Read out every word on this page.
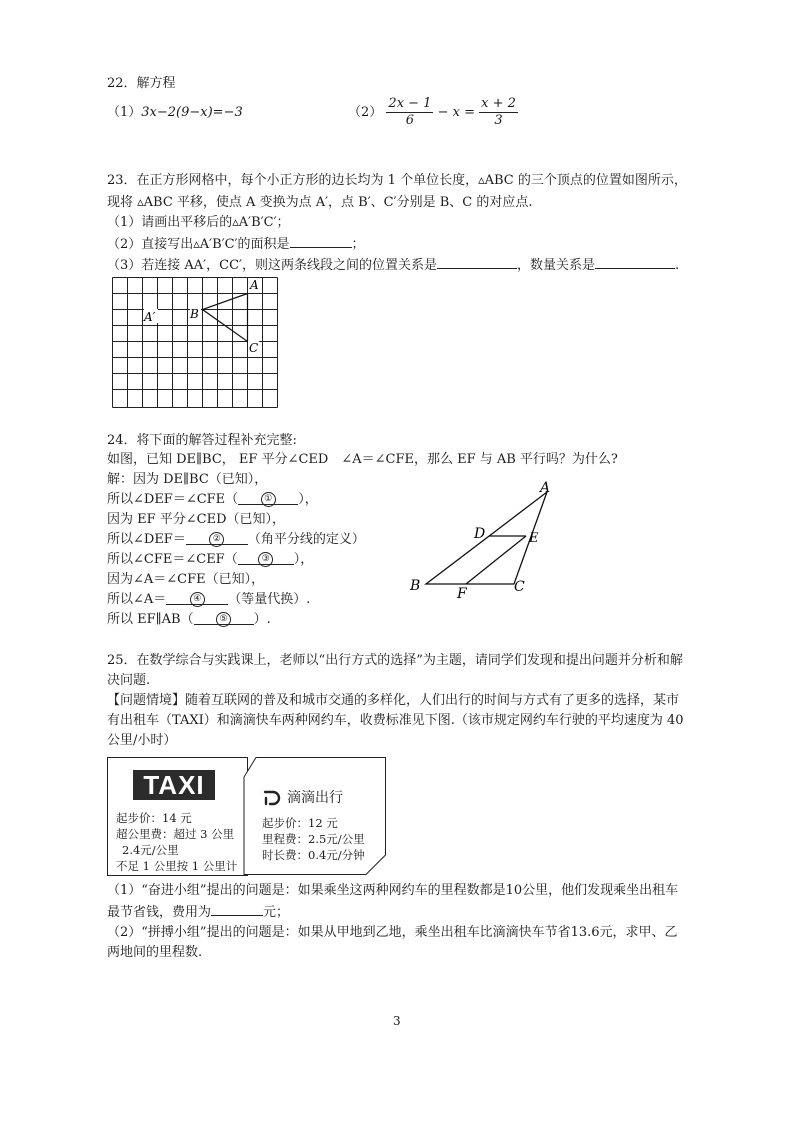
22．解方程
（1）3x−2(9−x)=−3	$(2) \frac{2x - 1}{6} - x = \frac{x + 2}{3}$
23．在正方形网格中，每个小正方形的边长均为 1 个单位长度，▵ABC 的三个顶点的位置如图所示，
现将 ▵ABC 平移，使点 A 变换为点 A′，点 B′、C′分别是 B、C 的对应点.
（1）请画出平移后的▵A′B′C′；
（2）直接写出▵A′B′C′的面积是	；
（3）若连接 AA′，CC′，则这两条线段之间的位置关系是	，数量关系是	.
A
B
C
A′
24．将下面的解答过程补充完整:
如图，已知 DE∥BC， EF 平分∠CED　∠A＝∠CFE，那么 EF 与 AB 平行吗？为什么?
解：因为 DE∥BC（已知），
所以∠DEF＝∠CFE（	① ），
因为 EF 平分∠CED（已知），
所以∠DEF＝	② （角平分线的定义）
所以∠CFE＝∠CEF（	③ ），
因为∠A＝∠CFE（已知），
所以∠A＝	④ （等量代换）.
所以 EF∥AB（	⑤ ）.
A
B	C
D	E
F
25．在数学综合与实践课上，老师以“出行方式的选择”为主题，请同学们发现和提出问题并分析和解
决问题.
【问题情境】随着互联网的普及和城市交通的多样化，人们出行的时间与方式有了更多的选择，某市
有出租车（TAXI）和滴滴快车两种网约车，收费标准见下图.（该市规定网约车行驶的平均速度为 40
公里/小时）
TAXI
起步价：14 元
超公里费：超过 3 公里
2.4元/公里
不足 1 公里按 1 公里计
滴滴出行
起步价：12 元
里程费：2.5元/公里
时长费：0.4元/分钟
（1）“奋进小组”提出的问题是：如果乘坐这两种网约车的里程数都是10公里，他们发现乘坐出租车
最节省钱，费用为	元；
（2）“拼搏小组”提出的问题是：如果从甲地到乙地，乘坐出租车比滴滴快车节省13.6元，求甲、乙
两地间的里程数.
3
